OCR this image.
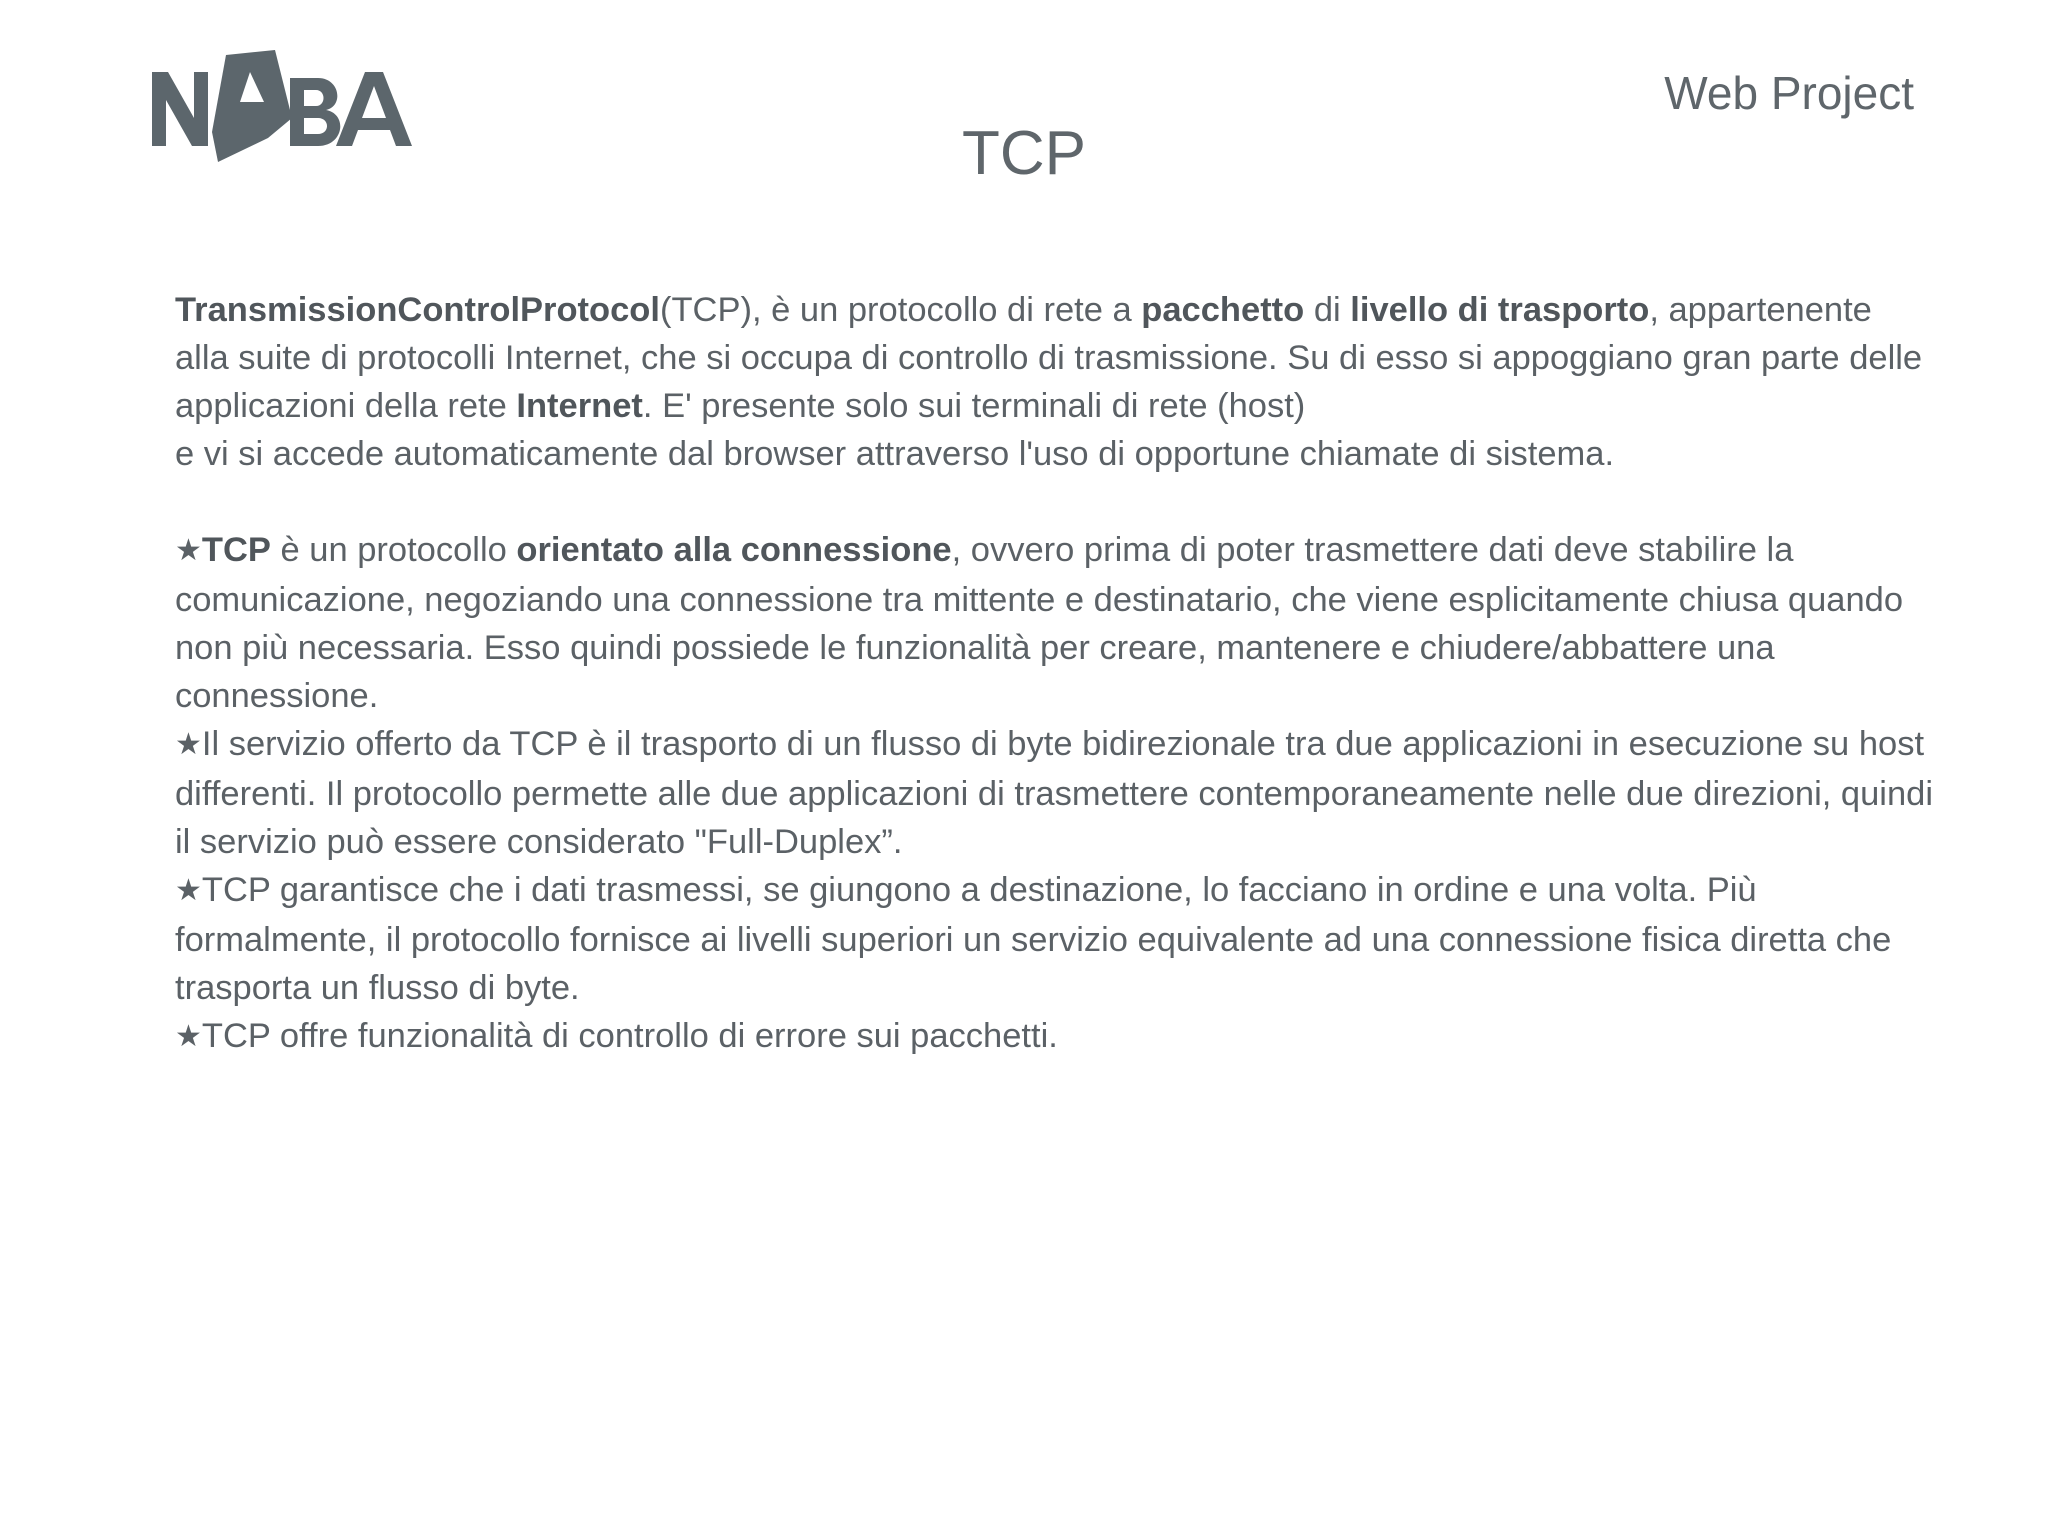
Web Project
TCP

TransmissionControlProtocol(TCP), è un protocollo di rete a pacchetto di livello di trasporto, appartenente alla suite di protocolli Internet, che si occupa di controllo di trasmissione. Su di esso si appoggiano gran parte delle applicazioni della rete Internet. E' presente solo sui terminali di rete (host)
e vi si accede automaticamente dal browser attraverso l'uso di opportune chiamate di sistema.

★TCP è un protocollo orientato alla connessione, ovvero prima di poter trasmettere dati deve stabilire la comunicazione, negoziando una connessione tra mittente e destinatario, che viene esplicitamente chiusa quando non più necessaria. Esso quindi possiede le funzionalità per creare, mantenere e chiudere/abbattere una connessione.

★Il servizio offerto da TCP è il trasporto di un flusso di byte bidirezionale tra due applicazioni in esecuzione su host differenti. Il protocollo permette alle due applicazioni di trasmettere contemporaneamente nelle due direzioni, quindi il servizio può essere considerato "Full-Duplex”.

★TCP garantisce che i dati trasmessi, se giungono a destinazione, lo facciano in ordine e una volta. Più formalmente, il protocollo fornisce ai livelli superiori un servizio equivalente ad una connessione fisica diretta che trasporta un flusso di byte.

★TCP offre funzionalità di controllo di errore sui pacchetti.
